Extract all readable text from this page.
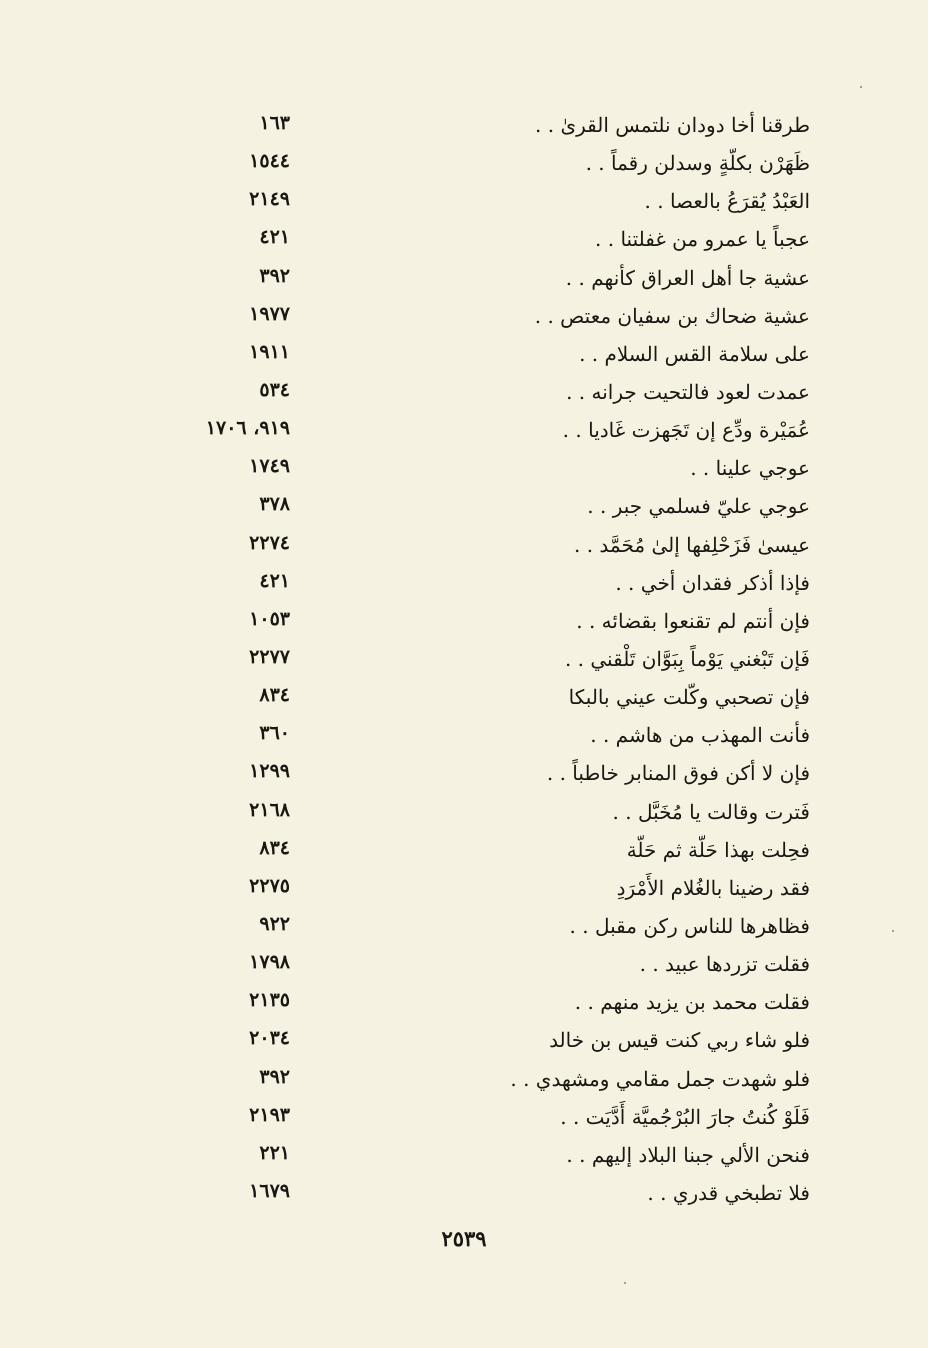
طرقنا أخا دودان نلتمس القرىٰ . .
١٦٣
ظَهَرْن بكلّةٍ وسدلن رقماً . .
١٥٤٤
العَبْدُ يُقرَعُ بالعصا . .
٢١٤٩
عجباً يا عمرو من غفلتنا . .
٤٢١
عشية جا أهل العراق كأنهم . .
٣٩٢
عشية ضحاك بن سفيان معتص . .
١٩٧٧
على سلامة القس السلام . .
١٩١١
عمدت لعود فالتحيت جرانه . .
٥٣٤
عُمَيْرة ودِّع إن تَجَهزت غَاديا . .
٩١٩، ١٧٠٦
عوجي علينا . .
١٧٤٩
عوجي عليّ فسلمي جبر . .
٣٧٨
عيسىٰ فَزَحْلِفها إلىٰ مُحَمَّد . .
٢٢٧٤
فإذا أذكر فقدان أخي . .
٤٢١
فإن أنتم لم تقنعوا بقضائه . .
١٠٥٣
فَإن تَبْغني يَوْماً بِبَوَّان تَلْقني . .
٢٢٧٧
فإن تصحبي وكّلت عيني بالبكا
٨٣٤
فأنت المهذب من هاشم . .
٣٦٠
فإن لا أكن فوق المنابر خاطباً . .
١٢٩٩
فَترت وقالت يا مُخَبَّل . .
٢١٦٨
فحِلت بهذا حَلّة ثم حَلّة
٨٣٤
فقد رضينا بالغُلام الأَمْرَدِ
٢٢٧٥
فظاهرها للناس ركن مقبل . .
٩٢٢
فقلت تزردها عبيد . .
١٧٩٨
فقلت محمد بن يزيد منهم . .
٢١٣٥
فلو شاء ربي كنت قيس بن خالد
٢٠٣٤
فلو شهدت جمل مقامي ومشهدي . .
٣٩٢
فَلَوْ كُنتُ جارَ البُرْجُميَّة أَدَّيَت . .
٢١٩٣
فنحن الألي جبنا البلاد إليهم . .
٢٢١
فلا تطبخي قدري . .
١٦٧٩
٢٥٣٩
